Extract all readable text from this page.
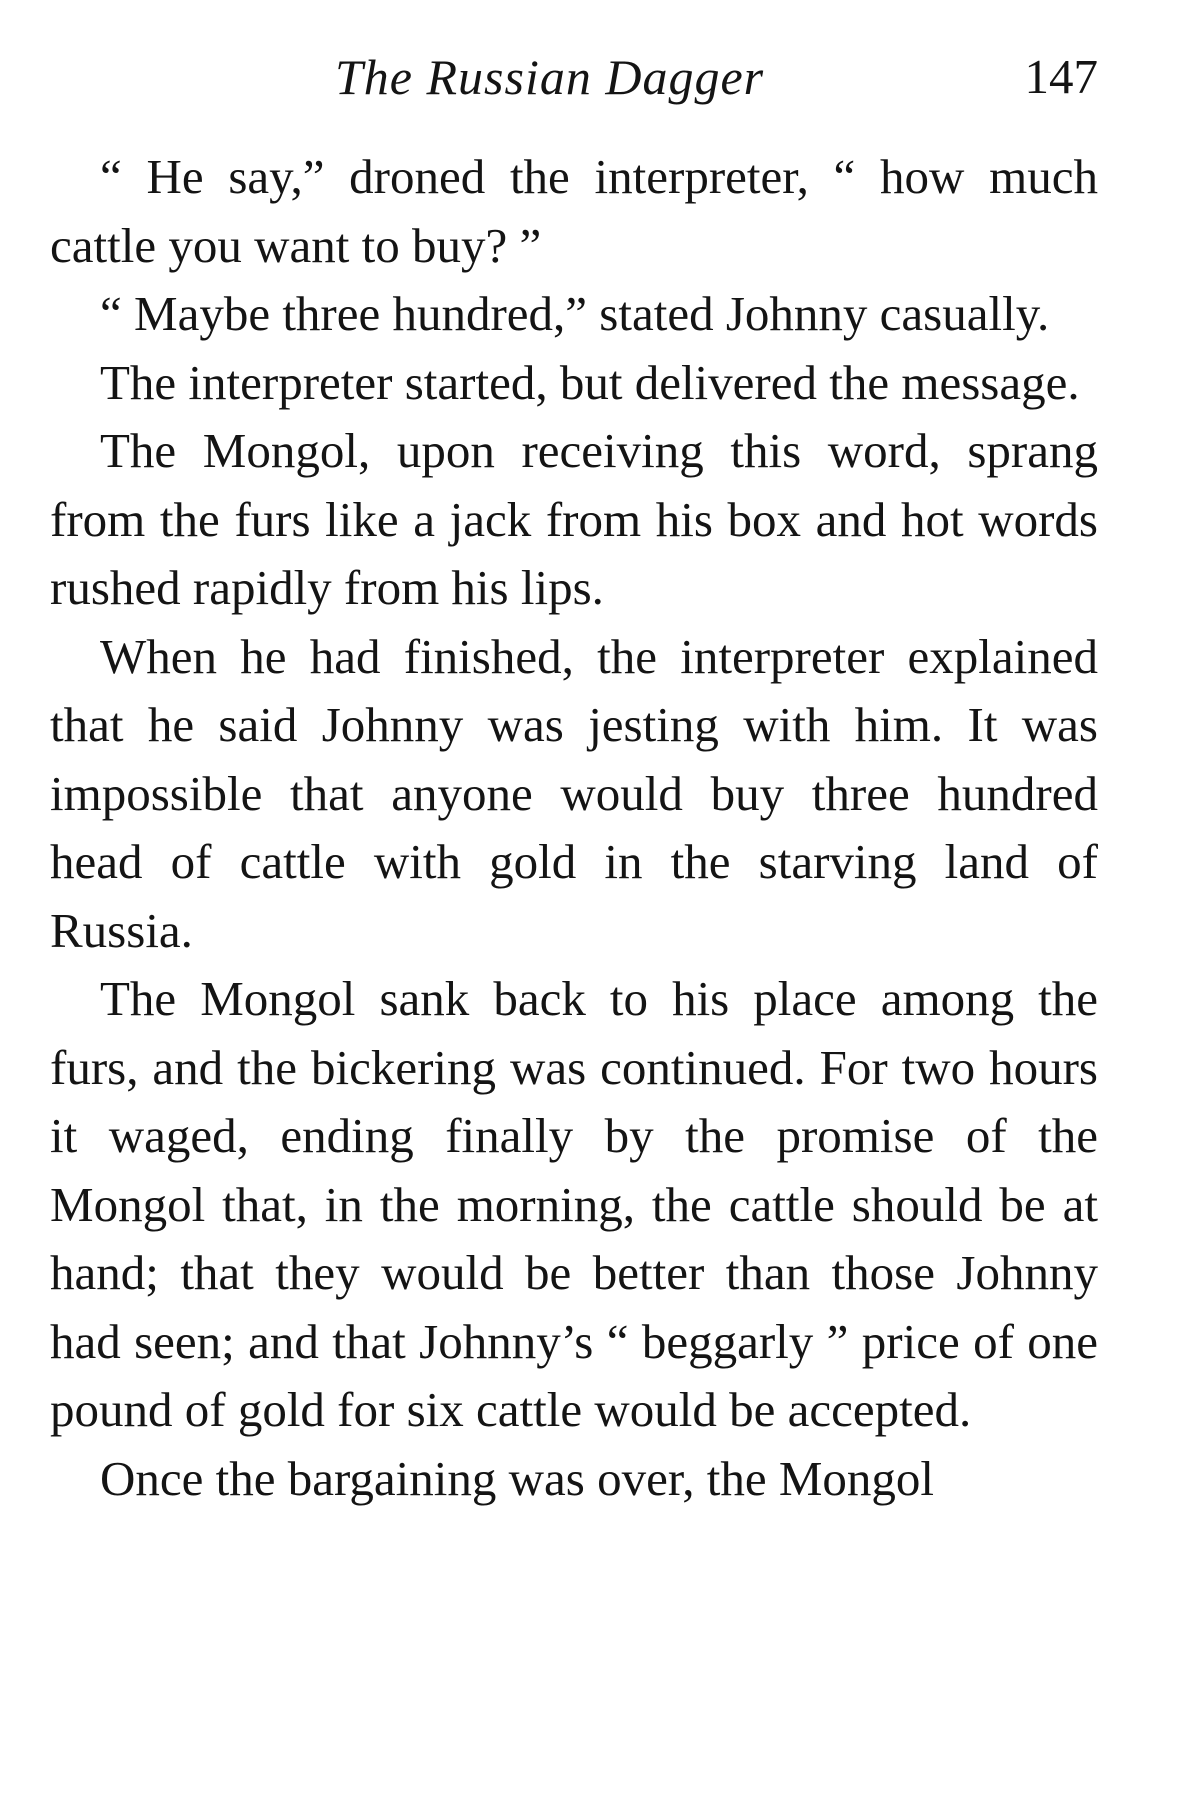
The Russian Dagger	147

“ He say,” droned the interpreter, “ how much cattle you want to buy? ”

“ Maybe three hundred,” stated Johnny casually.

The interpreter started, but delivered the message.

The Mongol, upon receiving this word, sprang from the furs like a jack from his box and hot words rushed rapidly from his lips.

When he had finished, the interpreter explained that he said Johnny was jesting with him. It was impossible that anyone would buy three hundred head of cattle with gold in the starving land of Russia.

The Mongol sank back to his place among the furs, and the bickering was continued. For two hours it waged, ending finally by the promise of the Mongol that, in the morning, the cattle should be at hand; that they would be better than those Johnny had seen; and that Johnny’s “ beggarly ” price of one pound of gold for six cattle would be accepted.

Once the bargaining was over, the Mongol
